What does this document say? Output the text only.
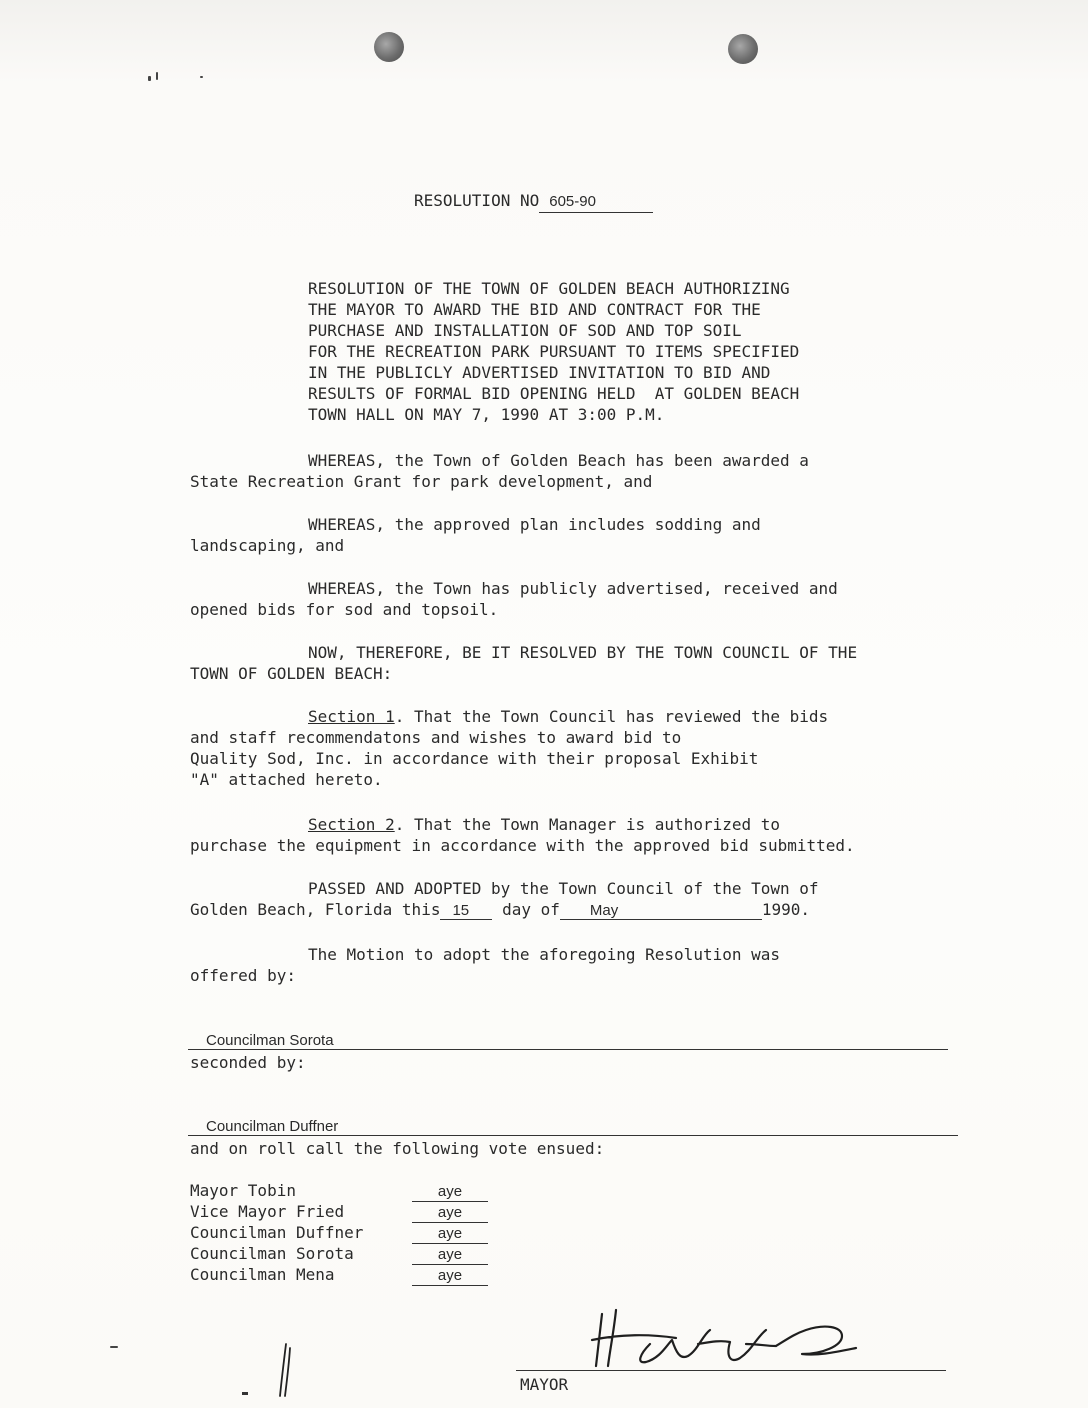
RESOLUTION NO 605-90
RESOLUTION OF THE TOWN OF GOLDEN BEACH AUTHORIZING
THE MAYOR TO AWARD THE BID AND CONTRACT FOR THE
PURCHASE AND INSTALLATION OF SOD AND TOP SOIL
FOR THE RECREATION PARK PURSUANT TO ITEMS SPECIFIED
IN THE PUBLICLY ADVERTISED INVITATION TO BID AND
RESULTS OF FORMAL BID OPENING HELD  AT GOLDEN BEACH
TOWN HALL ON MAY 7, 1990 AT 3:00 P.M.
WHEREAS, the Town of Golden Beach has been awarded a
State Recreation Grant for park development, and
WHEREAS, the approved plan includes sodding and
landscaping, and
WHEREAS, the Town has publicly advertised, received and
opened bids for sod and topsoil.
NOW, THEREFORE, BE IT RESOLVED BY THE TOWN COUNCIL OF THE
TOWN OF GOLDEN BEACH:
Section 1. That the Town Council has reviewed the bids
and staff recommendatons and wishes to award bid to
Quality Sod, Inc. in accordance with their proposal Exhibit
"A" attached hereto.
Section 2. That the Town Manager is authorized to
purchase the equipment in accordance with the approved bid submitted.
PASSED AND ADOPTED by the Town Council of the Town of
Golden Beach, Florida this 15 day of May	1990.
The Motion to adopt the aforegoing Resolution was
offered by:
Councilman Sorota
seconded by:
Councilman Duffner
and on roll call the following vote ensued:
Mayor Tobin	aye
Vice Mayor Fried	aye
Councilman Duffner	aye
Councilman Sorota	aye
Councilman Mena	aye
MAYOR
